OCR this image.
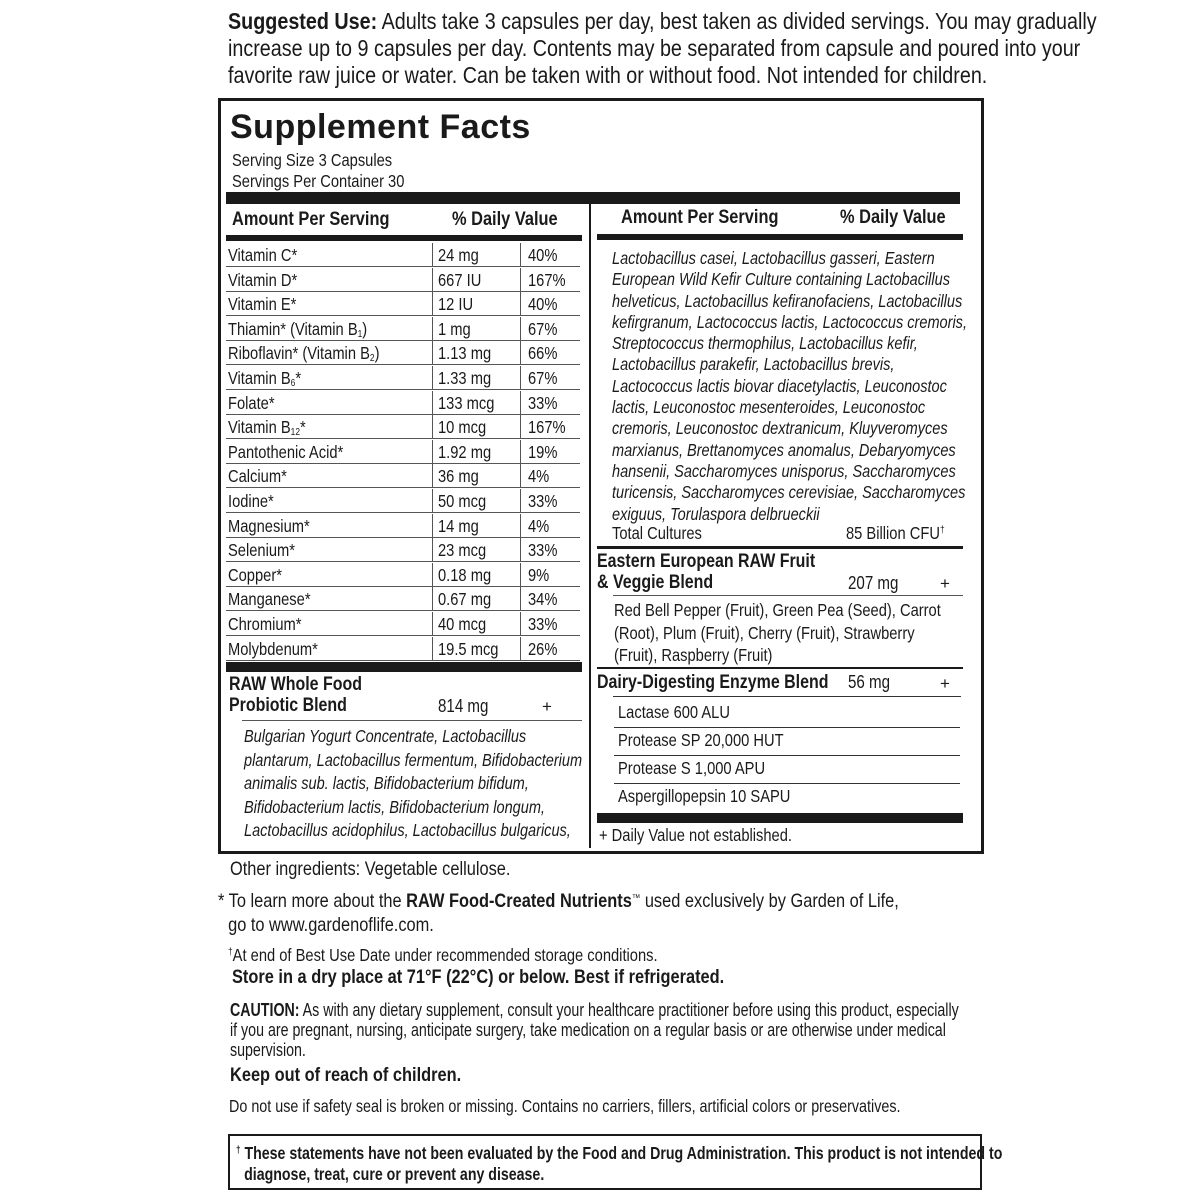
Suggested Use: Adults take 3 capsules per day, best taken as divided servings. You may gradually
increase up to 9 capsules per day. Contents may be separated from capsule and poured into your
favorite raw juice or water. Can be taken with or without food. Not intended for children.
Supplement Facts
Serving Size 3 Capsules
Servings Per Container 30
Amount Per Serving	% Daily Value	Amount Per Serving	% Daily Value
Vitamin C*	24 mg	40%
Vitamin D*	667 IU	167%
Vitamin E*	12 IU	40%
Thiamin* (Vitamin $B_1$)	1 mg	67%
Riboflavin* (Vitamin $B_2$)	1.13 mg 66%
Vitamin $B_6*$	1.33 mg 67%
Folate*	133 mcg 33%
Vitamin $B_{12}*$	10 mcg 167%
Pantothenic Acid*	1.92 mg 19%
Calcium*	36 mg	4%
Iodine*	50 mcg 33%
Magnesium*	14 mg	4%
Selenium*	23 mcg 33%
Copper*	0.18 mg 9%
Manganese*	0.67 mg 34%
Chromium*	40 mcg 33%
Molybdenum*	19.5 mcg 26%
RAW Whole Food
Probiotic Blend	814 mg	+
Bulgarian Yogurt Concentrate, Lactobacillus
plantarum, Lactobacillus fermentum, Bifidobacterium
animalis sub. lactis, Bifidobacterium bifidum,
Bifidobacterium lactis, Bifidobacterium longum,
Lactobacillus acidophilus, Lactobacillus bulgaricus,
Lactobacillus casei, Lactobacillus gasseri, Eastern
European Wild Kefir Culture containing Lactobacillus
helveticus, Lactobacillus kefiranofaciens, Lactobacillus
kefirgranum, Lactococcus lactis, Lactococcus cremoris,
Streptococcus thermophilus, Lactobacillus kefir,
Lactobacillus parakefir, Lactobacillus brevis,
Lactococcus lactis biovar diacetylactis, Leuconostoc
lactis, Leuconostoc mesenteroides, Leuconostoc
cremoris, Leuconostoc dextranicum, Kluyveromyces
marxianus, Brettanomyces anomalus, Debaryomyces
hansenii, Saccharomyces unisporus, Saccharomyces
turicensis, Saccharomyces cerevisiae, Saccharomyces
exiguus, Torulaspora delbrueckii
Total Cultures	85 Billion CFU†
Eastern European RAW Fruit
& Veggie Blend	207 mg +
Red Bell Pepper (Fruit), Green Pea (Seed), Carrot
(Root), Plum (Fruit), Cherry (Fruit), Strawberry
(Fruit), Raspberry (Fruit)
Dairy-Digesting Enzyme Blend 56 mg	+
Lactase 600 ALU
Protease SP 20,000 HUT
Protease S 1,000 APU
Aspergillopepsin 10 SAPU
+ Daily Value not established.
Other ingredients: Vegetable cellulose.
* To learn more about the RAW Food-Created Nutrients™ used exclusively by Garden of Life,
go to www.gardenoflife.com.
†At end of Best Use Date under recommended storage conditions.
Store in a dry place at 71°F (22°C) or below. Best if refrigerated.
CAUTION: As with any dietary supplement, consult your healthcare practitioner before using this product, especially
if you are pregnant, nursing, anticipate surgery, take medication on a regular basis or are otherwise under medical
supervision.
Keep out of reach of children.
Do not use if safety seal is broken or missing. Contains no carriers, fillers, artificial colors or preservatives.
† These statements have not been evaluated by the Food and Drug Administration. This product is not intended to
diagnose, treat, cure or prevent any disease.
